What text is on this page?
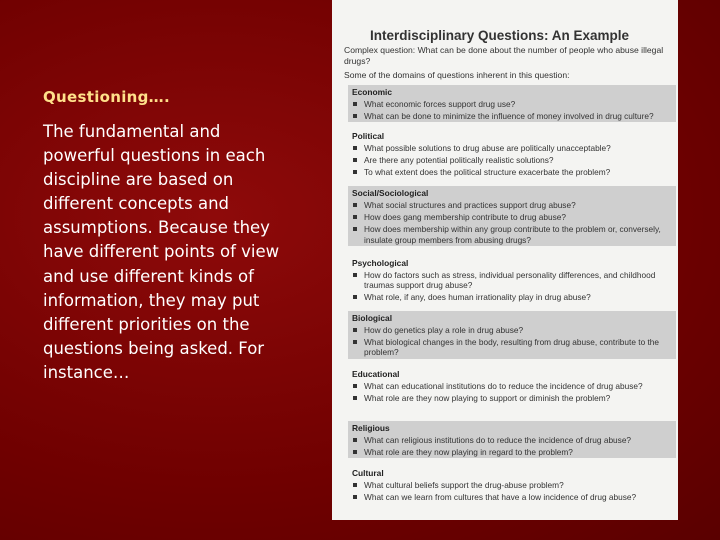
Questioning….
The fundamental and powerful questions in each discipline are based on different concepts and assumptions. Because they have different points of view and use different kinds of information, they may put different priorities on the questions being asked. For instance…
Interdisciplinary Questions: An Example
Complex question: What can be done about the number of people who abuse illegal drugs?
Some of the domains of questions inherent in this question:
Economic
What economic forces support drug use?
What can be done to minimize the influence of money involved in drug culture?
Political
What possible solutions to drug abuse are politically unacceptable?
Are there any potential politically realistic solutions?
To what extent does the political structure exacerbate the problem?
Social/Sociological
What social structures and practices support drug abuse?
How does gang membership contribute to drug abuse?
How does membership within any group contribute to the problem or, conversely, insulate group members from abusing drugs?
Psychological
How do factors such as stress, individual personality differences, and childhood traumas support drug abuse?
What role, if any, does human irrationality play in drug abuse?
Biological
How do genetics play a role in drug abuse?
What biological changes in the body, resulting from drug abuse, contribute to the problem?
Educational
What can educational institutions do to reduce the incidence of drug abuse?
What role are they now playing to support or diminish the problem?
Religious
What can religious institutions do to reduce the incidence of drug abuse?
What role are they now playing in regard to the problem?
Cultural
What cultural beliefs support the drug-abuse problem?
What can we learn from cultures that have a low incidence of drug abuse?
